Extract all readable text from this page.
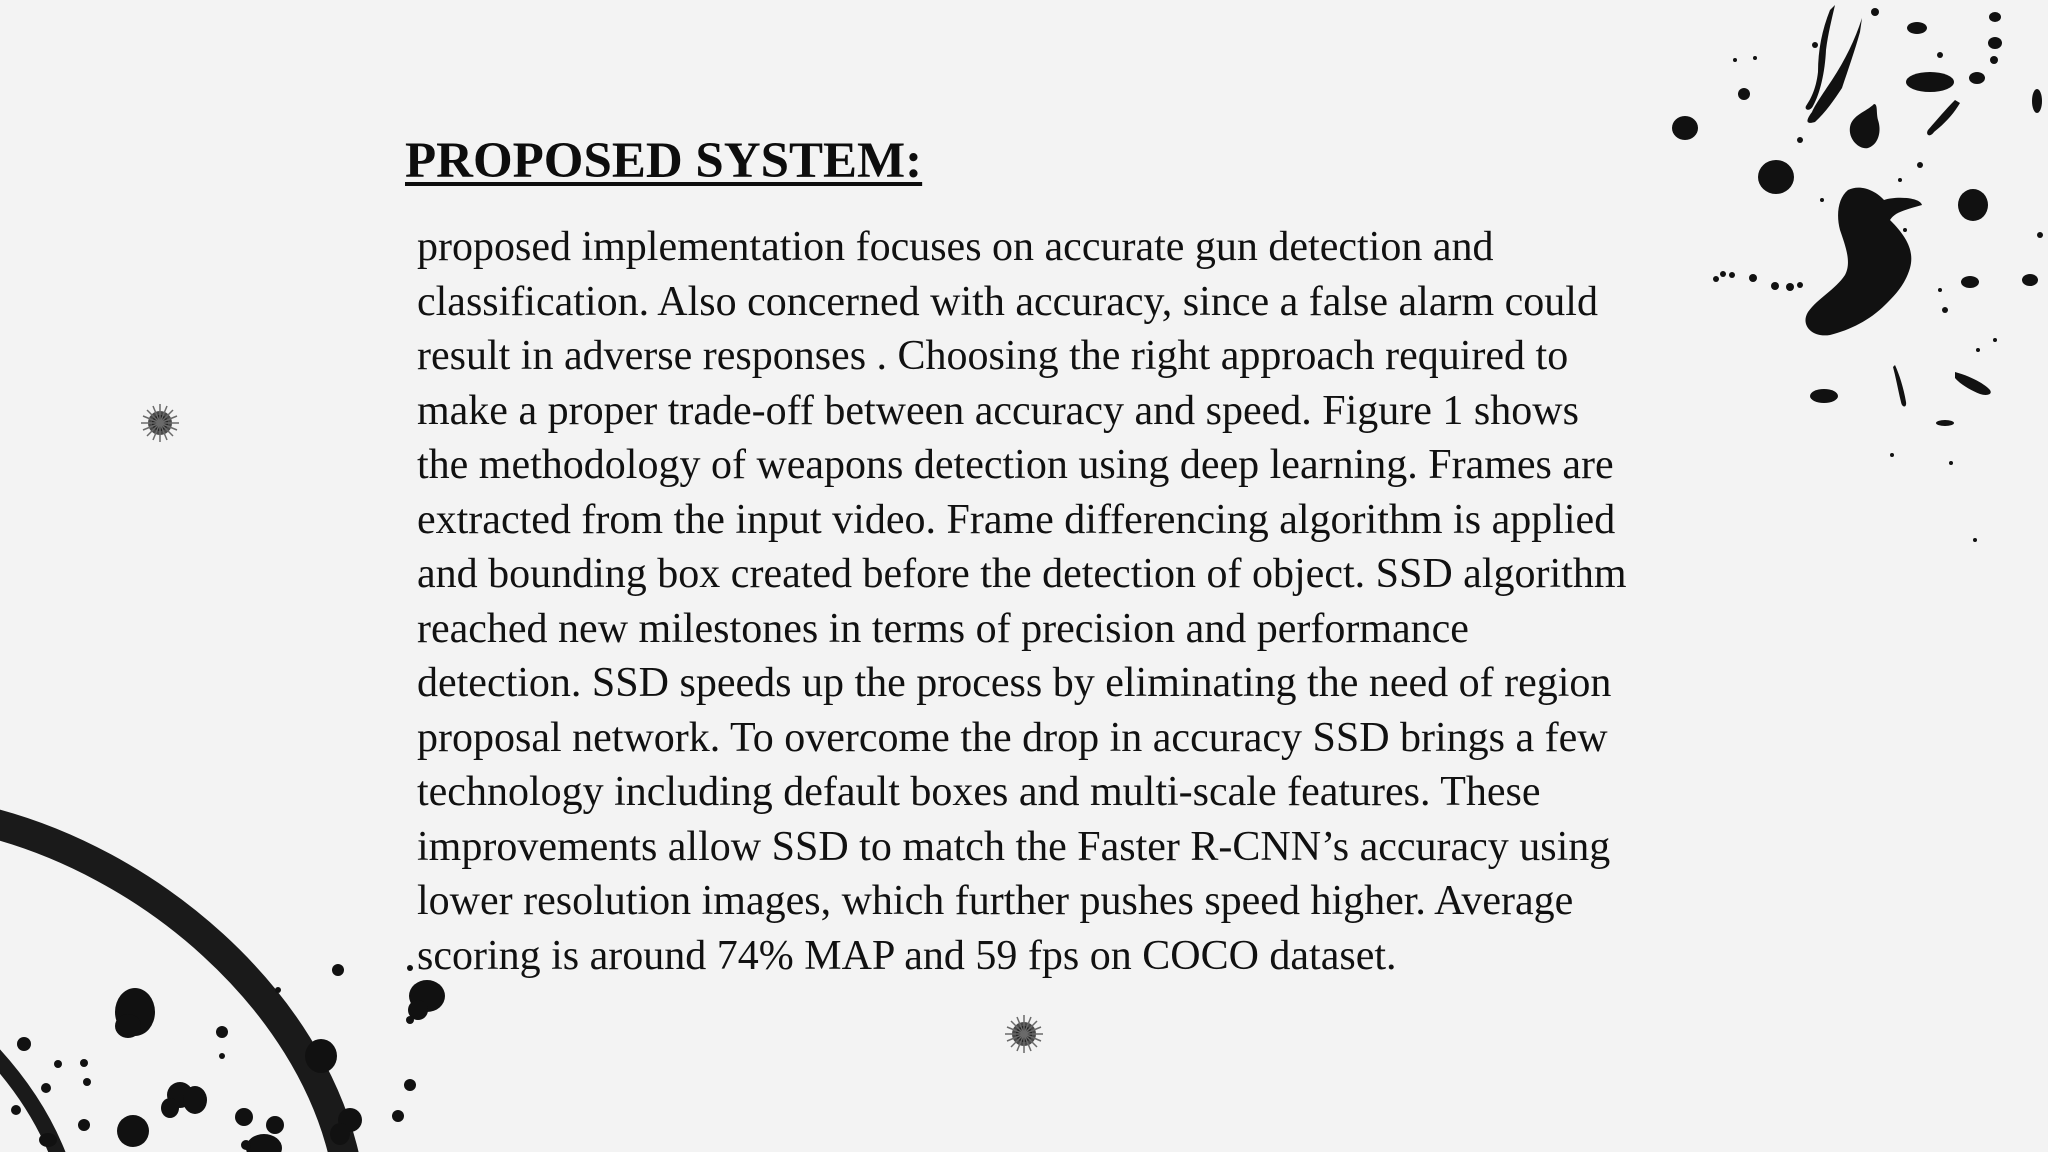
PROPOSED SYSTEM:

proposed implementation focuses on accurate gun detection and
classification. Also concerned with accuracy, since a false alarm could
result in adverse responses . Choosing the right approach required to
make a proper trade-off between accuracy and speed. Figure 1 shows
the methodology of weapons detection using deep learning. Frames are
extracted from the input video. Frame differencing algorithm is applied
and bounding box created before the detection of object. SSD algorithm
reached new milestones in terms of precision and performance
detection. SSD speeds up the process by eliminating the need of region
proposal network. To overcome the drop in accuracy SSD brings a few
technology including default boxes and multi-scale features. These
improvements allow SSD to match the Faster R-CNN’s accuracy using
lower resolution images, which further pushes speed higher. Average
scoring is around 74% MAP and 59 fps on COCO dataset.
